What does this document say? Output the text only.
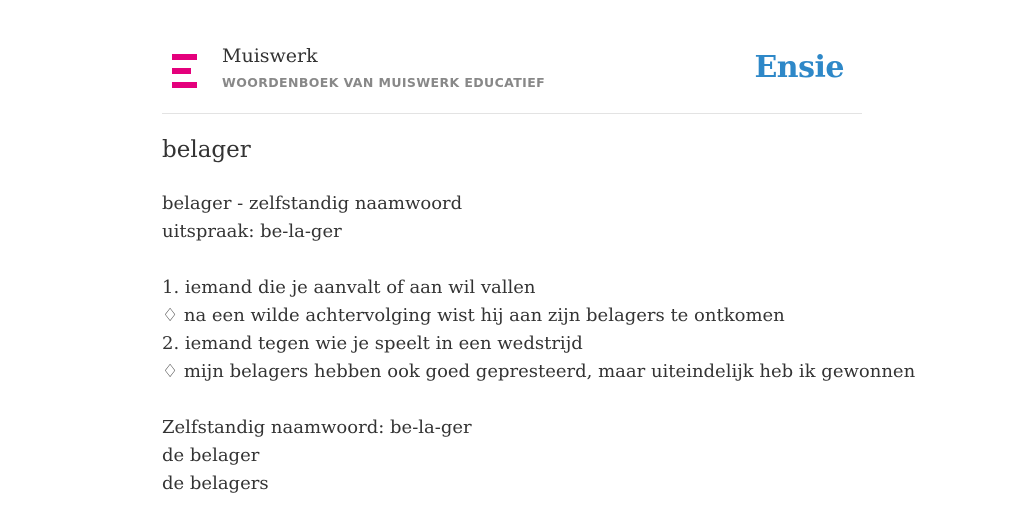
Muiswerk
WOORDENBOEK VAN MUISWERK EDUCATIEF	Ensie
belager
belager - zelfstandig naamwoord
uitspraak: be-la-ger
1. iemand die je aanvalt of aan wil vallen
♢ na een wilde achtervolging wist hij aan zijn belagers te ontkomen
2. iemand tegen wie je speelt in een wedstrijd
♢ mijn belagers hebben ook goed gepresteerd, maar uiteindelijk heb ik gewonnen
Zelfstandig naamwoord: be-la-ger
de belager
de belagers
